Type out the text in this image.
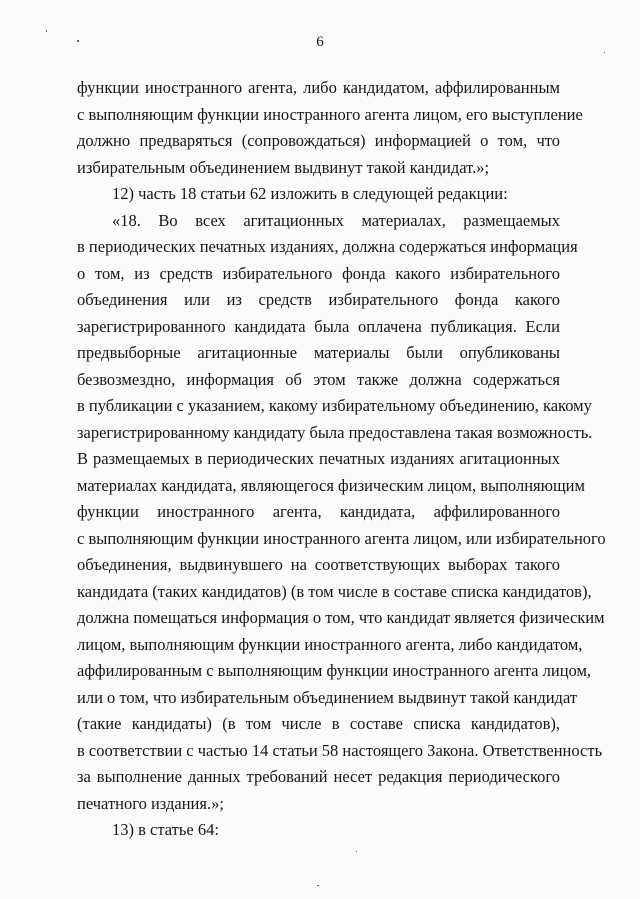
6
функции иностранного агента, либо кандидатом, аффилированным
с выполняющим функции иностранного агента лицом, его выступление
должно предваряться (сопровождаться) информацией о том, что
избирательным объединением выдвинут такой кандидат.»;
12) часть 18 статьи 62 изложить в следующей редакции:
«18. Во всех агитационных материалах, размещаемых
в периодических печатных изданиях, должна содержаться информация
о том, из средств избирательного фонда какого избирательного
объединения или из средств избирательного фонда какого
зарегистрированного кандидата была оплачена публикация. Если
предвыборные агитационные материалы были опубликованы
безвозмездно, информация об этом также должна содержаться
в публикации с указанием, какому избирательному объединению, какому
зарегистрированному кандидату была предоставлена такая возможность.
В размещаемых в периодических печатных изданиях агитационных
материалах кандидата, являющегося физическим лицом, выполняющим
функции иностранного агента, кандидата, аффилированного
с выполняющим функции иностранного агента лицом, или избирательного
объединения, выдвинувшего на соответствующих выборах такого
кандидата (таких кандидатов) (в том числе в составе списка кандидатов),
должна помещаться информация о том, что кандидат является физическим
лицом, выполняющим функции иностранного агента, либо кандидатом,
аффилированным с выполняющим функции иностранного агента лицом,
или о том, что избирательным объединением выдвинут такой кандидат
(такие кандидаты) (в том числе в составе списка кандидатов),
в соответствии с частью 14 статьи 58 настоящего Закона. Ответственность
за выполнение данных требований несет редакция периодического
печатного издания.»;
13) в статье 64:
